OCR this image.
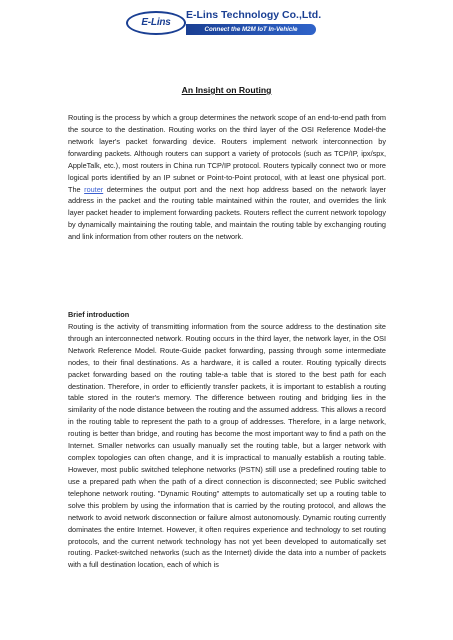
E-Lins
E-Lins Technology Co.,Ltd.
Connect the M2M IoT In-Vehicle
An Insight on Routing
Routing is the process by which a group determines the network scope of an end-to-end path from the source to the destination. Routing works on the third layer of the OSI Reference Model-the network layer's packet forwarding device. Routers implement network interconnection by forwarding packets. Although routers can support a variety of protocols (such as TCP/IP, ipx/spx, AppleTalk, etc.), most routers in China run TCP/IP protocol. Routers typically connect two or more logical ports identified by an IP subnet or Point-to-Point protocol, with at least one physical port. The router determines the output port and the next hop address based on the network layer address in the packet and the routing table maintained within the router, and overrides the link layer packet header to implement forwarding packets. Routers reflect the current network topology by dynamically maintaining the routing table, and maintain the routing table by exchanging routing and link information from other routers on the network.
Brief introduction
Routing is the activity of transmitting information from the source address to the destination site through an interconnected network. Routing occurs in the third layer, the network layer, in the OSI Network Reference Model. Route-Guide packet forwarding, passing through some intermediate nodes, to their final destinations. As a hardware, it is called a router. Routing typically directs packet forwarding based on the routing table-a table that is stored to the best path for each destination. Therefore, in order to efficiently transfer packets, it is important to establish a routing table stored in the router's memory. The difference between routing and bridging lies in the similarity of the node distance between the routing and the assumed address. This allows a record in the routing table to represent the path to a group of addresses. Therefore, in a large network, routing is better than bridge, and routing has become the most important way to find a path on the Internet. Smaller networks can usually manually set the routing table, but a larger network with complex topologies can often change, and it is impractical to manually establish a routing table. However, most public switched telephone networks (PSTN) still use a predefined routing table to use a prepared path when the path of a direct connection is disconnected; see Public switched telephone network routing. "Dynamic Routing" attempts to automatically set up a routing table to solve this problem by using the information that is carried by the routing protocol, and allows the network to avoid network disconnection or failure almost autonomously. Dynamic routing currently dominates the entire Internet. However, it often requires experience and technology to set routing protocols, and the current network technology has not yet been developed to automatically set routing. Packet-switched networks (such as the Internet) divide the data into a number of packets with a full destination location, each of which is
